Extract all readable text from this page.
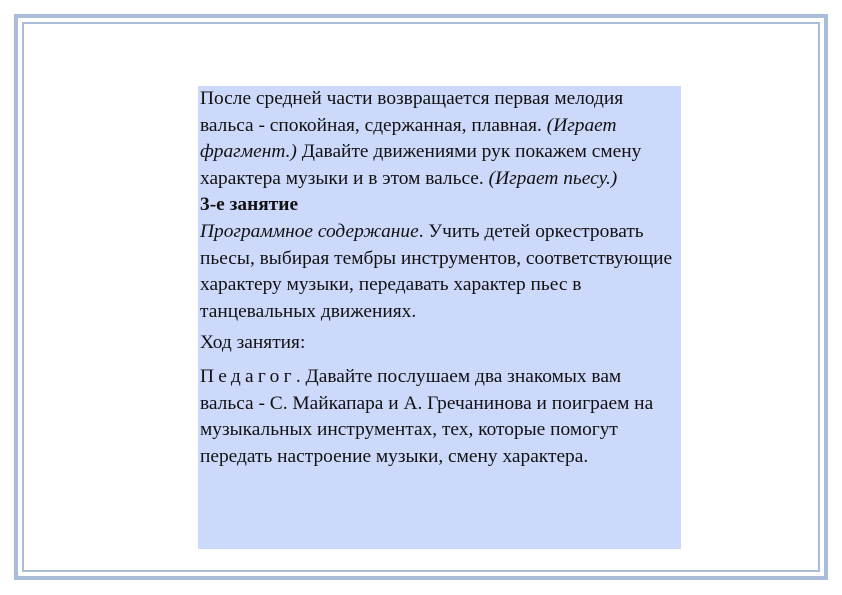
После средней части возвращается первая мелодия вальса - спокойная, сдержанная, плавная. (Играет фрагмент.) Давайте движениями рук покажем смену характера музыки и в этом вальсе. (Играет пьесу.)

3-е занятие

Программное содержание. Учить детей оркестровать пьесы, выбирая тембры инструментов, соответствующие характеру музыки, передавать характер пьес в танцевальных движениях.

Ход занятия:

Педагог. Давайте послушаем два знакомых вам вальса - С. Майкапара и А. Гречанинова и поиграем на музыкальных инструментах, тех, которые помогут передать настроение музыки, смену характера.
